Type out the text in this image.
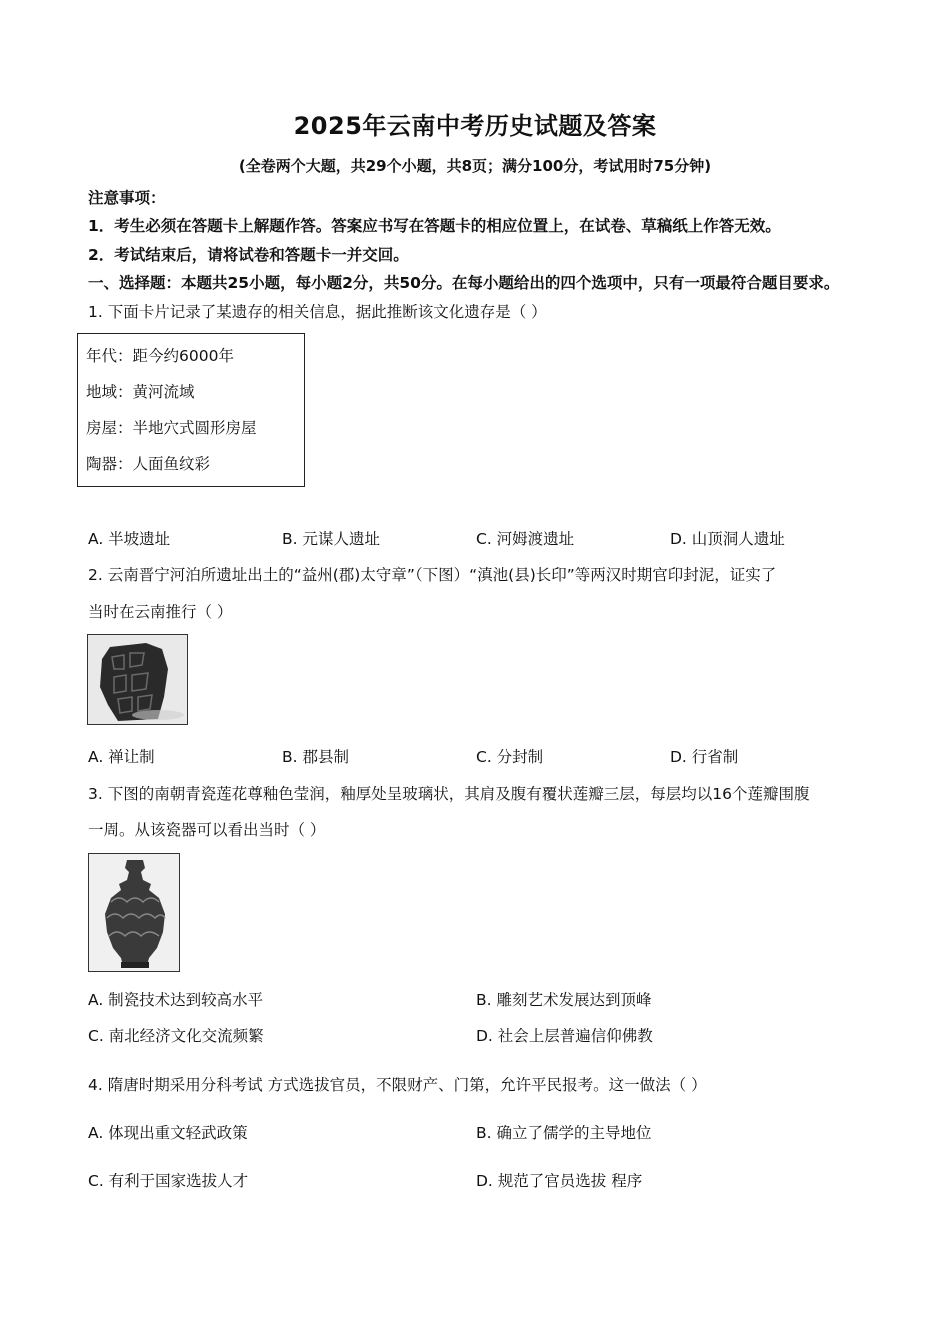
2025年云南中考历史试题及答案
(全卷两个大题，共29个小题，共8页；满分100分，考试用时75分钟)
注意事项：
1．考生必须在答题卡上解题作答。答案应书写在答题卡的相应位置上，在试卷、草稿纸上作答无效。
2．考试结束后，请将试卷和答题卡一并交回。
一、选择题：本题共25小题，每小题2分，共50分。在每小题给出的四个选项中，只有一项最符合题目要求。
1. 下面卡片记录了某遗存的相关信息，据此推断该文化遗存是（ ）
年代：距今约6000年
地域：黄河流域
房屋：半地穴式圆形房屋
陶器：人面鱼纹彩
A. 半坡遗址	B. 元谋人遗址	C. 河姆渡遗址	D. 山顶洞人遗址
2. 云南晋宁河泊所遗址出土的“益州(郡)太守章”（下图）“滇池(县)长印”等两汉时期官印封泥，证实了
当时在云南推行（ ）
A. 禅让制	B. 郡县制	C. 分封制	D. 行省制
3. 下图的南朝青瓷莲花尊釉色莹润，釉厚处呈玻璃状，其肩及腹有覆状莲瓣三层，每层均以16个莲瓣围腹
一周。从该瓷器可以看出当时（ ）
A. 制瓷技术达到较高水平	B. 雕刻艺术发展达到顶峰
C. 南北经济文化交流频繁	D. 社会上层普遍信仰佛教
4. 隋唐时期采用分科考试 方式选拔官员，不限财产、门第，允许平民报考。这一做法（ ）
A. 体现出重文轻武政策	B. 确立了儒学的主导地位
C. 有利于国家选拔人才	D. 规范了官员选拔 程序
